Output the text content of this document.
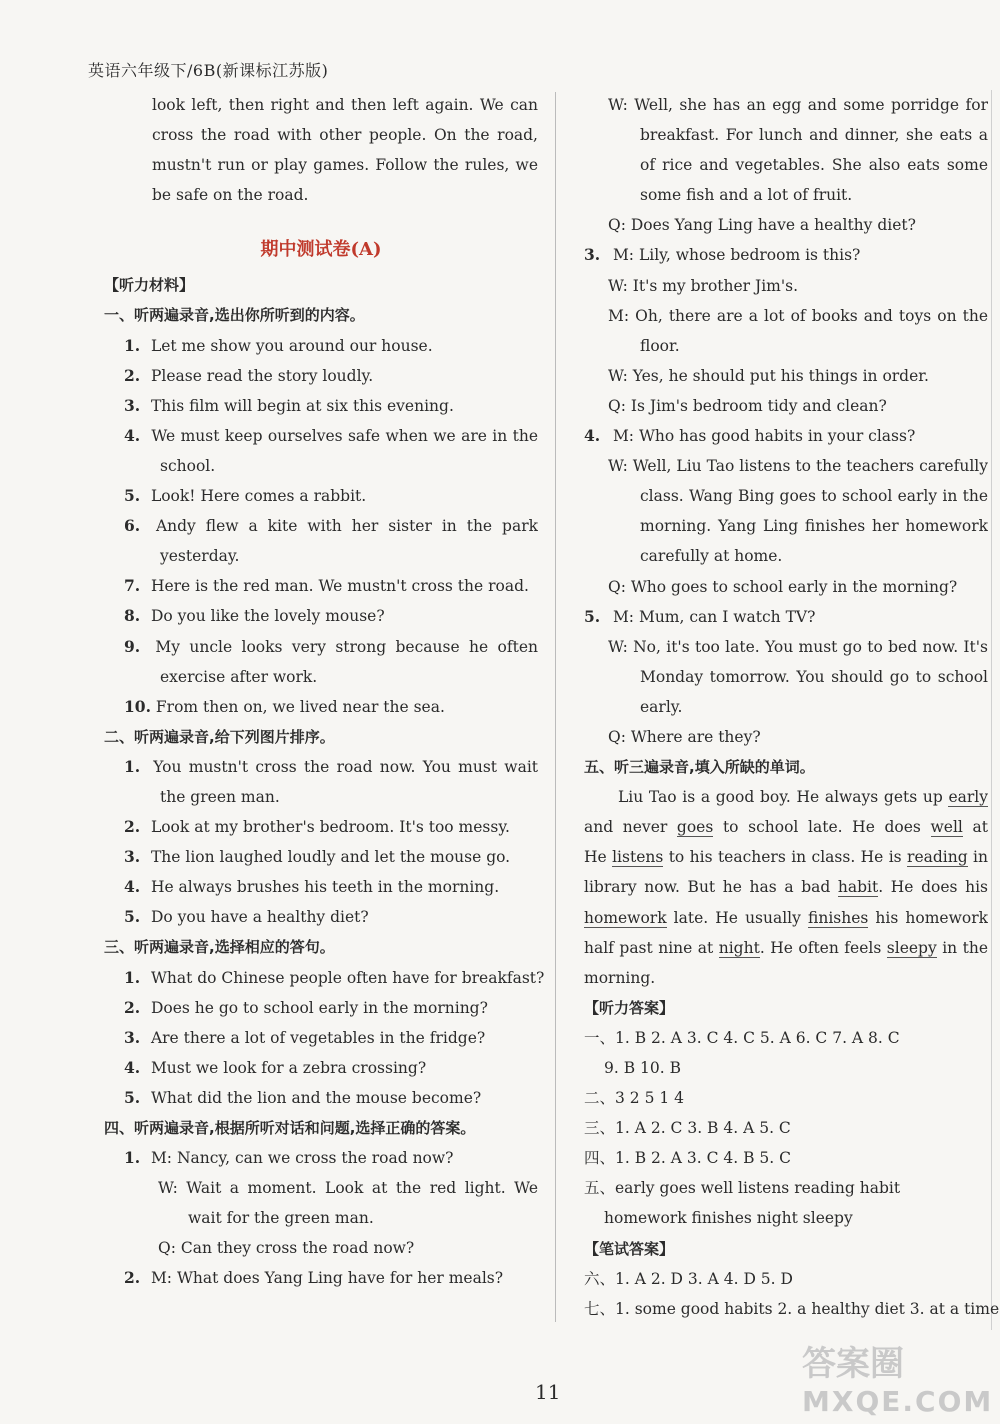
英语六年级下/6B(新课标江苏版)
look left, then right and then left again. We can
cross the road with other people. On the road,
mustn't run or play games. Follow the rules, we
be safe on the road.
期中测试卷(A)
【听力材料】
一、听两遍录音,选出你所听到的内容。
1. Let me show you around our house.
2. Please read the story loudly.
3. This film will begin at six this evening.
4. We must keep ourselves safe when we are in the
school.
5. Look! Here comes a rabbit.
6. Andy flew a kite with her sister in the park
yesterday.
7. Here is the red man. We mustn't cross the road.
8. Do you like the lovely mouse?
9. My uncle looks very strong because he often
exercise after work.
10. From then on, we lived near the sea.
二、听两遍录音,给下列图片排序。
1. You mustn't cross the road now. You must wait
the green man.
2. Look at my brother's bedroom. It's too messy.
3. The lion laughed loudly and let the mouse go.
4. He always brushes his teeth in the morning.
5. Do you have a healthy diet?
三、听两遍录音,选择相应的答句。
1. What do Chinese people often have for breakfast?
2. Does he go to school early in the morning?
3. Are there a lot of vegetables in the fridge?
4. Must we look for a zebra crossing?
5. What did the lion and the mouse become?
四、听两遍录音,根据所听对话和问题,选择正确的答案。
1. M: Nancy, can we cross the road now?
W: Wait a moment. Look at the red light. We
wait for the green man.
Q: Can they cross the road now?
2. M: What does Yang Ling have for her meals?
W: Well, she has an egg and some porridge for
breakfast. For lunch and dinner, she eats a
of rice and vegetables. She also eats some
some fish and a lot of fruit.
Q: Does Yang Ling have a healthy diet?
3. M: Lily, whose bedroom is this?
W: It's my brother Jim's.
M: Oh, there are a lot of books and toys on the
floor.
W: Yes, he should put his things in order.
Q: Is Jim's bedroom tidy and clean?
4. M: Who has good habits in your class?
W: Well, Liu Tao listens to the teachers carefully
class. Wang Bing goes to school early in the
morning. Yang Ling finishes her homework
carefully at home.
Q: Who goes to school early in the morning?
5. M: Mum, can I watch TV?
W: No, it's too late. You must go to bed now. It's
Monday tomorrow. You should go to school
early.
Q: Where are they?
五、听三遍录音,填入所缺的单词。
Liu Tao is a good boy. He always gets up early
and never goes to school late. He does well at
He listens to his teachers in class. He is reading in
library now. But he has a bad habit. He does his
homework late. He usually finishes his homework
half past nine at night. He often feels sleepy in the
morning.
【听力答案】
一、1. B 2. A 3. C 4. C 5. A 6. C 7. A 8. C
9. B 10. B
二、3 2 5 1 4
三、1. A 2. C 3. B 4. A 5. C
四、1. B 2. A 3. C 4. B 5. C
五、early goes well listens reading habit
homework finishes night sleepy
【笔试答案】
六、1. A 2. D 3. A 4. D 5. D
七、1. some good habits 2. a healthy diet 3. at a time
11
答案圈
MXQE.COM
